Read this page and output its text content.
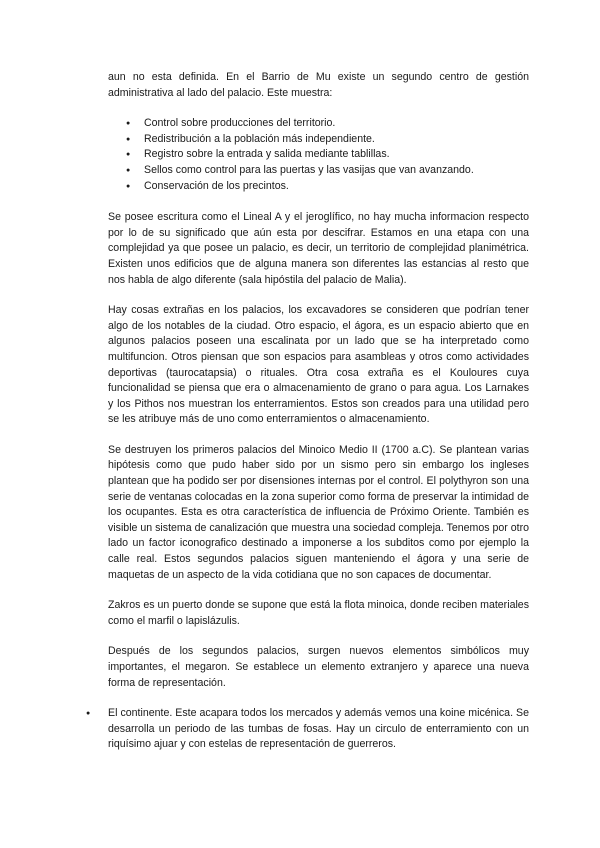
aun no esta definida. En el Barrio de Mu existe un segundo centro de gestión administrativa al lado del palacio. Este muestra:

● Control sobre producciones del territorio.
● Redistribución a la población más independiente.
● Registro sobre la entrada y salida mediante tablillas.
● Sellos como control para las puertas y las vasijas que van avanzando.
● Conservación de los precintos.

Se posee escritura como el Lineal A y el jeroglífico, no hay mucha informacion respecto por lo de su significado que aún esta por descifrar. Estamos en una etapa con una complejidad ya que posee un palacio, es decir, un territorio de complejidad planimétrica. Existen unos edificios que de alguna manera son diferentes las estancias al resto que nos habla de algo diferente (sala hipóstila del palacio de Malia).

Hay cosas extrañas en los palacios, los excavadores se consideren que podrían tener algo de los notables de la ciudad. Otro espacio, el ágora, es un espacio abierto que en algunos palacios poseen una escalinata por un lado que se ha interpretado como multifuncion. Otros piensan que son espacios para asambleas y otros como actividades deportivas (taurocatapsia) o rituales. Otra cosa extraña es el Kouloures cuya funcionalidad se piensa que era o almacenamiento de grano o para agua. Los Larnakes y los Pithos nos muestran los enterramientos. Estos son creados para una utilidad pero se les atribuye más de uno como enterramientos o almacenamiento.

Se destruyen los primeros palacios del Minoico Medio II (1700 a.C). Se plantean varias hipótesis como que pudo haber sido por un sismo pero sin embargo los ingleses plantean que ha podido ser por disensiones internas por el control. El polythyron son una serie de ventanas colocadas en la zona superior como forma de preservar la intimidad de los ocupantes. Esta es otra característica de influencia de Próximo Oriente. También es visible un sistema de canalización que muestra una sociedad compleja. Tenemos por otro lado un factor iconografico destinado a imponerse a los subditos como por ejemplo la calle real. Estos segundos palacios siguen manteniendo el ágora y una serie de maquetas de un aspecto de la vida cotidiana que no son capaces de documentar.

Zakros es un puerto donde se supone que está la flota minoica, donde reciben materiales como el marfil o lapislázulis.

Después de los segundos palacios, surgen nuevos elementos simbólicos muy importantes, el megaron. Se establece un elemento extranjero y aparece una nueva forma de representación.

● El continente. Este acapara todos los mercados y además vemos una koine micénica. Se desarrolla un periodo de las tumbas de fosas. Hay un circulo de enterramiento con un riquísimo ajuar y con estelas de representación de guerreros.
